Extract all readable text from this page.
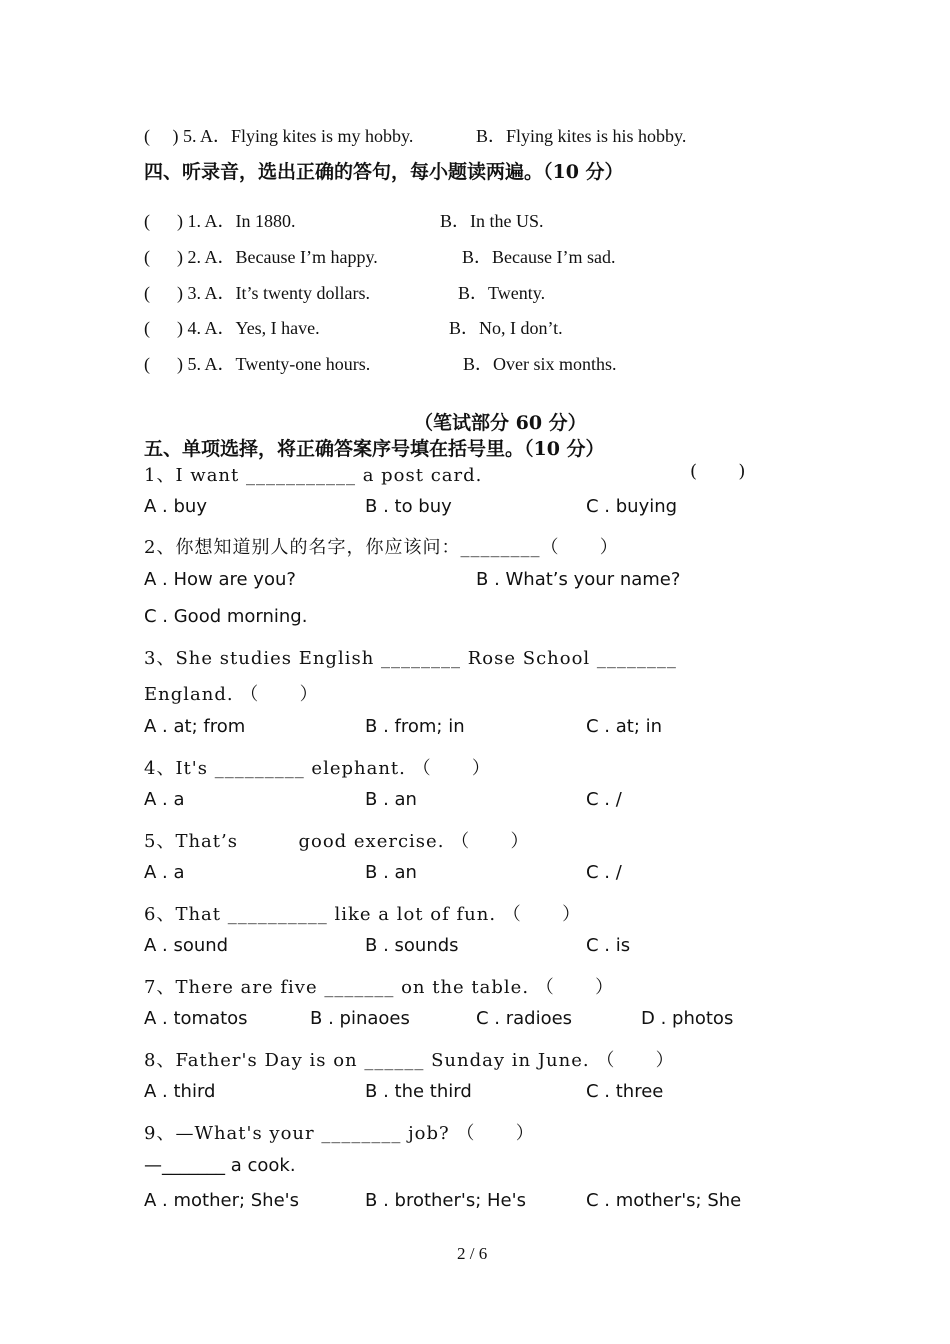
(     ) 5. A．Flying kites is my hobby.	B．Flying kites is his hobby.
四、听录音，选出正确的答句，每小题读两遍。（10 分）
(      ) 1. A．In 1880.	B．In the US.
(      ) 2. A．Because I’m happy.	B．Because I’m sad.
(      ) 3. A．It’s twenty dollars.	B．Twenty.
(      ) 4. A．Yes, I have.	B．No, I don’t.
(      ) 5. A．Twenty-one hours.	B．Over six months.
（笔试部分 60 分）
五、单项选择，将正确答案序号填在括号里。（10 分）
1、I want ___________ a post card.	(      )
A . buy	B . to buy	C . buying
2、你想知道别人的名字，你应该问：________（      ）
A . How are you?	B . What’s your name?
C . Good morning.
3、She studies English ________ Rose School ________
England. （      ）
A . at; from	B . from; in	C . at; in
4、It's _________ elephant. （      ）
A . a	B . an	C . /
5、That’s         good exercise. （      ）
A . a	B . an	C . /
6、That __________ like a lot of fun. （      ）
A . sound	B . sounds	C . is
7、There are five _______ on the table. （      ）
A . tomatos	B . pinaoes	C . radioes	D . photos
8、Father's Day is on ______ Sunday in June. （      ）
A . third	B . the third	C . three
9、—What's your ________ job? （      ）
—_______ a cook.
A . mother; She's	B . brother's; He's	C . mother's; She
2 / 6
